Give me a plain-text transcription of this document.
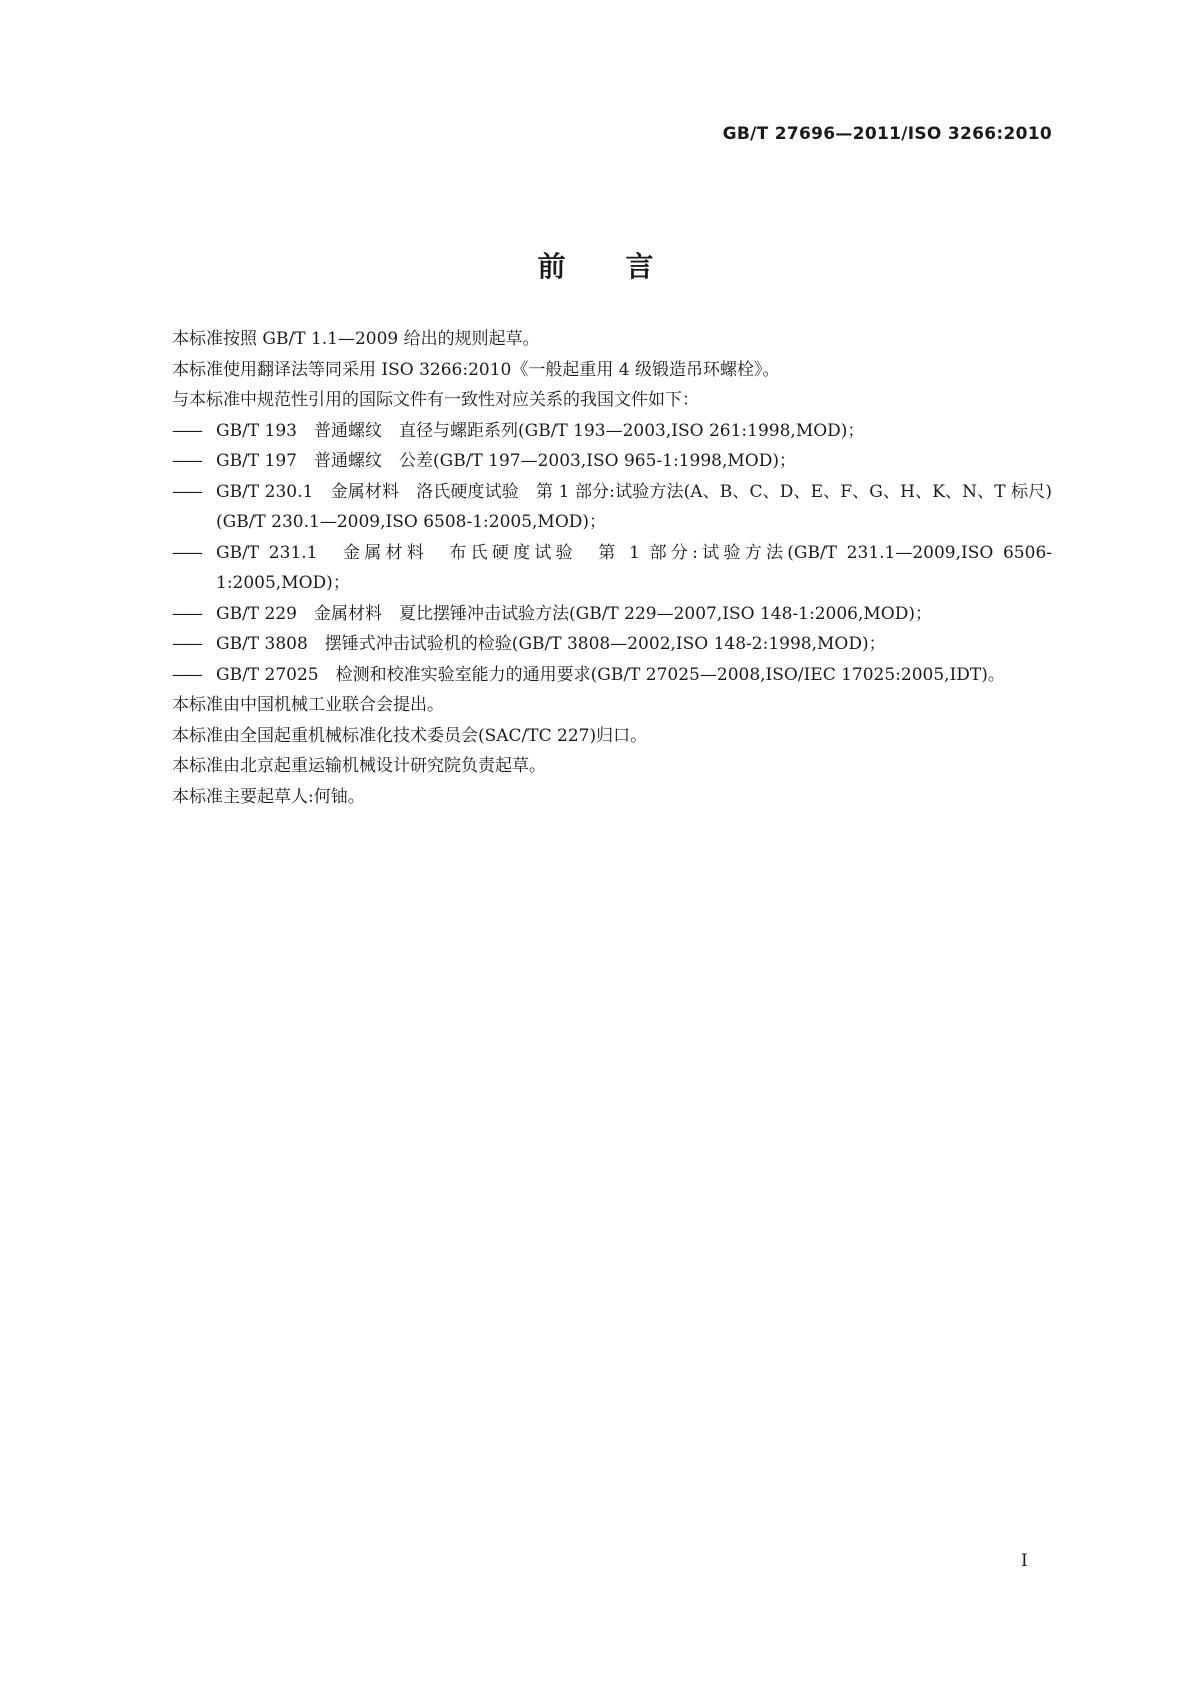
GB/T 27696—2011/ISO 3266:2010
前言

本标准按照 GB/T 1.1—2009 给出的规则起草。

本标准使用翻译法等同采用 ISO 3266:2010《一般起重用 4 级锻造吊环螺栓》。

与本标准中规范性引用的国际文件有一致性对应关系的我国文件如下：

—— GB/T 193　普通螺纹　直径与螺距系列(GB/T 193—2003,ISO 261:1998,MOD)；

—— GB/T 197　普通螺纹　公差(GB/T 197—2003,ISO 965-1:1998,MOD)；

—— GB/T 230.1　金属材料　洛氏硬度试验　第 1 部分:试验方法(A、B、C、D、E、F、G、H、K、N、T 标尺)(GB/T 230.1—2009,ISO 6508-1:2005,MOD)；

—— GB/T 231.1　金属材料　布氏硬度试验　第 1 部分:试验方法(GB/T 231.1—2009,ISO 6506-1:2005,MOD)；

—— GB/T 229　金属材料　夏比摆锤冲击试验方法(GB/T 229—2007,ISO 148-1:2006,MOD)；

—— GB/T 3808　摆锤式冲击试验机的检验(GB/T 3808—2002,ISO 148-2:1998,MOD)；

—— GB/T 27025　检测和校准实验室能力的通用要求(GB/T 27025—2008,ISO/IEC 17025:2005,IDT)。

本标准由中国机械工业联合会提出。

本标准由全国起重机械标准化技术委员会(SAC/TC 227)归口。

本标准由北京起重运输机械设计研究院负责起草。

本标准主要起草人:何铀。

I
